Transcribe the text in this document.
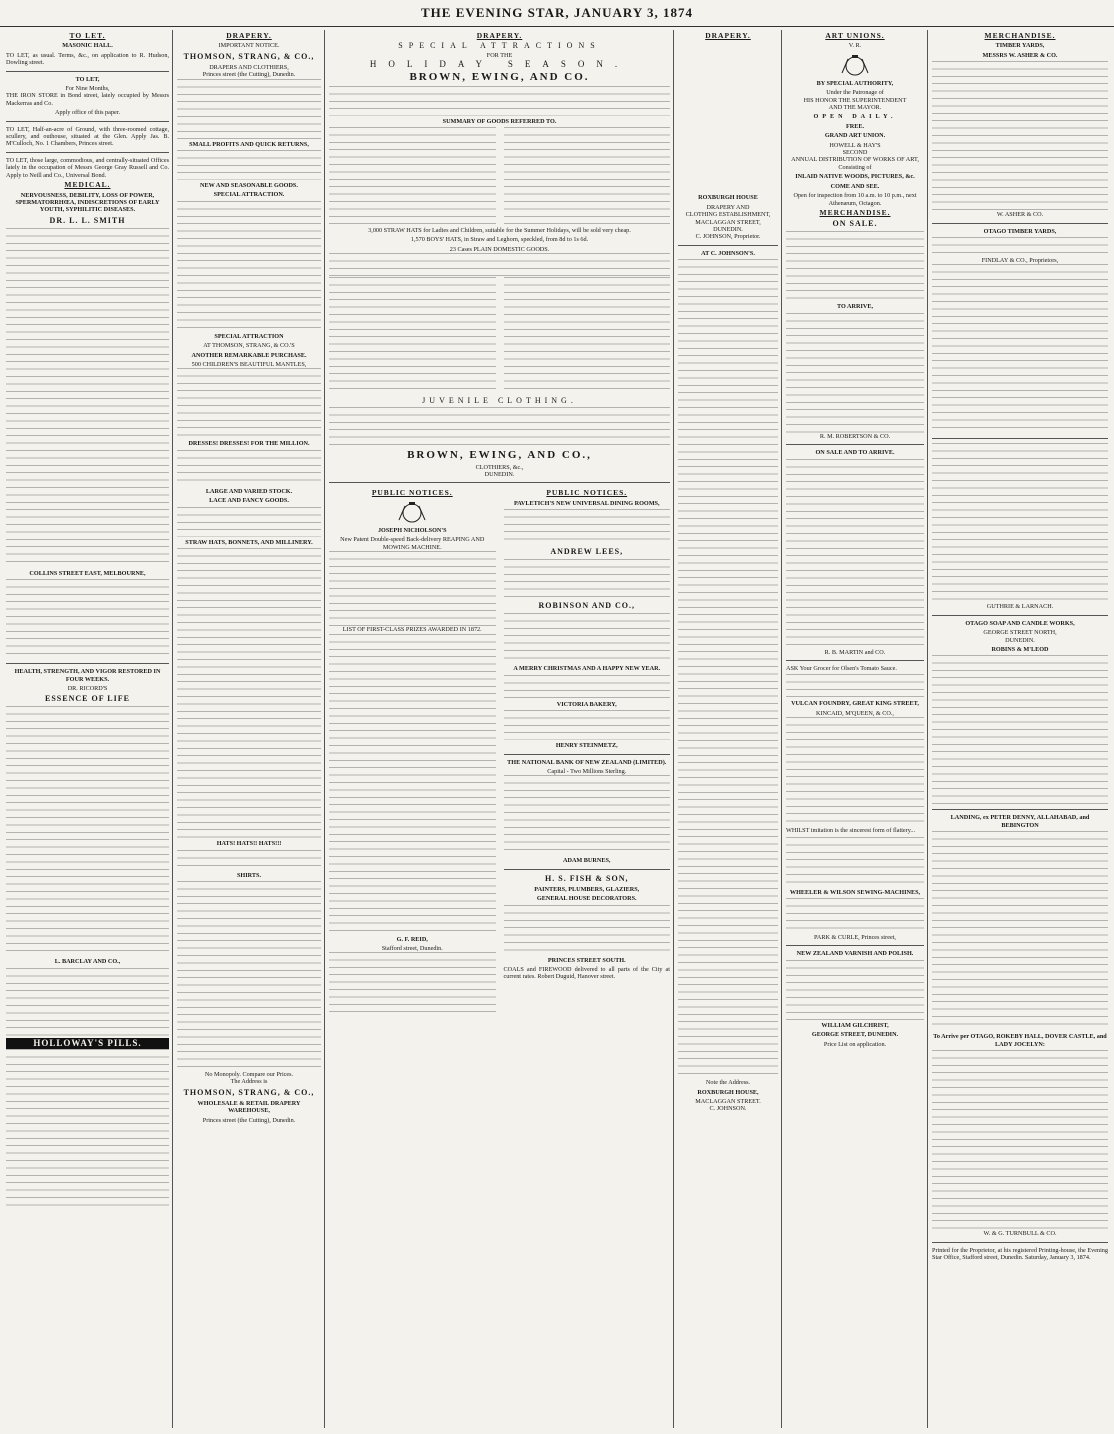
THE EVENING STAR, JANUARY 3, 1874
TO LET.
MASONIC HALL.

TO LET, as usual. Terms, &c., on application to R. Hudson, Dowling street.

TO LET,
For Nine Months,

THE IRON STORE in Bond street, lately occupied by Messrs Mackerras and Co.

Apply office of this paper.

TO LET, Half-an-acre of Ground, with three-roomed cottage, scullery, and outhouse, situated at the Glen. Apply Jas. B. M'Culloch, No. 1 Chambers, Princes street.

TO LET, those large, commodious, and centrally-situated Offices lately in the occupation of Messrs George Gray Russell and Co. Apply to Neill and Co., Universal Bond.

MEDICAL.
NERVOUSNESS, DEBILITY, LOSS OF POWER, SPERMATORRHŒA, INDISCRETIONS OF EARLY YOUTH, SYPHILITIC DISEASES.
DR. L. L. SMITH
COLLINS STREET EAST, MELBOURNE,
HEALTH, STRENGTH, AND VIGOR RESTORED IN FOUR WEEKS.
DR. RICORD'S
ESSENCE OF LIFE
L. BARCLAY AND CO.,
HOLLOWAY'S PILLS.
DRAPERY.
IMPORTANT NOTICE.
THOMSON, STRANG, & CO.,
DRAPERS AND CLOTHIERS,
Princes street (the Cutting), Dunedin.
SMALL PROFITS AND QUICK RETURNS,
NEW AND SEASONABLE GOODS.
SPECIAL ATTRACTION.
SPECIAL ATTRACTION
AT THOMSON, STRANG, & CO.'S
ANOTHER REMARKABLE PURCHASE.
500 CHILDREN'S BEAUTIFUL MANTLES,
DRESSES! DRESSES! FOR THE MILLION.
LARGE AND VARIED STOCK.
LACE AND FANCY GOODS.
STRAW HATS, BONNETS, AND MILLINERY.
HATS! HATS!! HATS!!!
SHIRTS.
No Monopoly. Compare our Prices.
The Address is
THOMSON, STRANG, & CO.,
WHOLESALE & RETAIL DRAPERY WAREHOUSE,
Princes street (the Cutting), Dunedin.
DRAPERY.
SPECIAL ATTRACTIONS
FOR THE
HOLIDAY SEASON.
BROWN, EWING, AND CO.
SUMMARY OF GOODS REFERRED TO.

3,000 STRAW HATS for Ladies and Children, suitable for the Summer Holidays, will be sold very cheap.

1,570 BOYS' HATS, in Straw and Leghorn, speckled, from 8d to 1s 6d.

23 Cases PLAIN DOMESTIC GOODS.
JUVENILE CLOTHING.
BROWN, EWING, AND CO.,
CLOTHIERS, &c.,
DUNEDIN.
PUBLIC NOTICES.
JOSEPH NICHOLSON'S
New Patent Double-speed Back-delivery REAPING AND MOWING MACHINE.
LIST OF FIRST-CLASS PRIZES AWARDED IN 1872.
G. F. REID,
Stafford street, Dunedin.
PUBLIC NOTICES.
PAVLETICH'S NEW UNIVERSAL DINING ROOMS,
ANDREW LEES,
ROBINSON AND CO.,
A MERRY CHRISTMAS AND A HAPPY NEW YEAR.
VICTORIA BAKERY,
HENRY STEINMETZ,
THE NATIONAL BANK OF NEW ZEALAND (LIMITED).
Capital - Two Millions Sterling.
ADAM BURNES,
H. S. FISH & SON,
PAINTERS, PLUMBERS, GLAZIERS,
GENERAL HOUSE DECORATORS.
PRINCES STREET SOUTH.

COALS and FIREWOOD delivered to all parts of the City at current rates. Robert Duguid, Hanover street.

DRAPERY.
ROXBURGH HOUSE
DRAPERY AND
CLOTHING ESTABLISHMENT,
MACLAGGAN STREET,
DUNEDIN.
C. JOHNSON, Proprietor.
AT C. JOHNSON'S.
Note the Address.
ROXBURGH HOUSE,
MACLAGGAN STREET.
C. JOHNSON.
ART UNIONS.
V. R.
BY SPECIAL AUTHORITY,
Under the Patronage of
HIS HONOR THE SUPERINTENDENT
AND THE MAYOR.
OPEN DAILY.
FREE.
GRAND ART UNION.
HOWELL & HAY'S
SECOND
ANNUAL DISTRIBUTION OF WORKS OF ART,
Consisting of
INLAID NATIVE WOODS, PICTURES, &c.
COME AND SEE.

Open for inspection from 10 a.m. to 10 p.m., next Athenæum, Octagon.

MERCHANDISE.
ON SALE.
TO ARRIVE,
R. M. ROBERTSON & CO.
ON SALE AND TO ARRIVE.
R. B. MARTIN and CO.

ASK Your Grocer for Olsen's Tomato Sauce.

VULCAN FOUNDRY, GREAT KING STREET,
KINCAID, M'QUEEN, & CO.,

WHILST imitation is the sincerest form of flattery...

WHEELER & WILSON SEWING-MACHINES,
PARK & CURLE, Princes street,
NEW ZEALAND VARNISH AND POLISH.
WILLIAM GILCHRIST,
GEORGE STREET, DUNEDIN.
Price List on application.
MERCHANDISE.
TIMBER YARDS,
MESSRS W. ASHER & CO.
W. ASHER & CO.
OTAGO TIMBER YARDS,
FINDLAY & CO., Proprietors,
GUTHRIE & LARNACH.
OTAGO SOAP AND CANDLE WORKS,
GEORGE STREET NORTH,
DUNEDIN.
ROBINS & M'LEOD
LANDING, ex PETER DENNY, ALLAHABAD, and BEBINGTON
To Arrive per OTAGO, ROKEBY HALL, DOVER CASTLE, and LADY JOCELYN:
W. & G. TURNBULL & CO.

Printed for the Proprietor, at his registered Printing-house, the Evening Star Office, Stafford street, Dunedin. Saturday, January 3, 1874.
